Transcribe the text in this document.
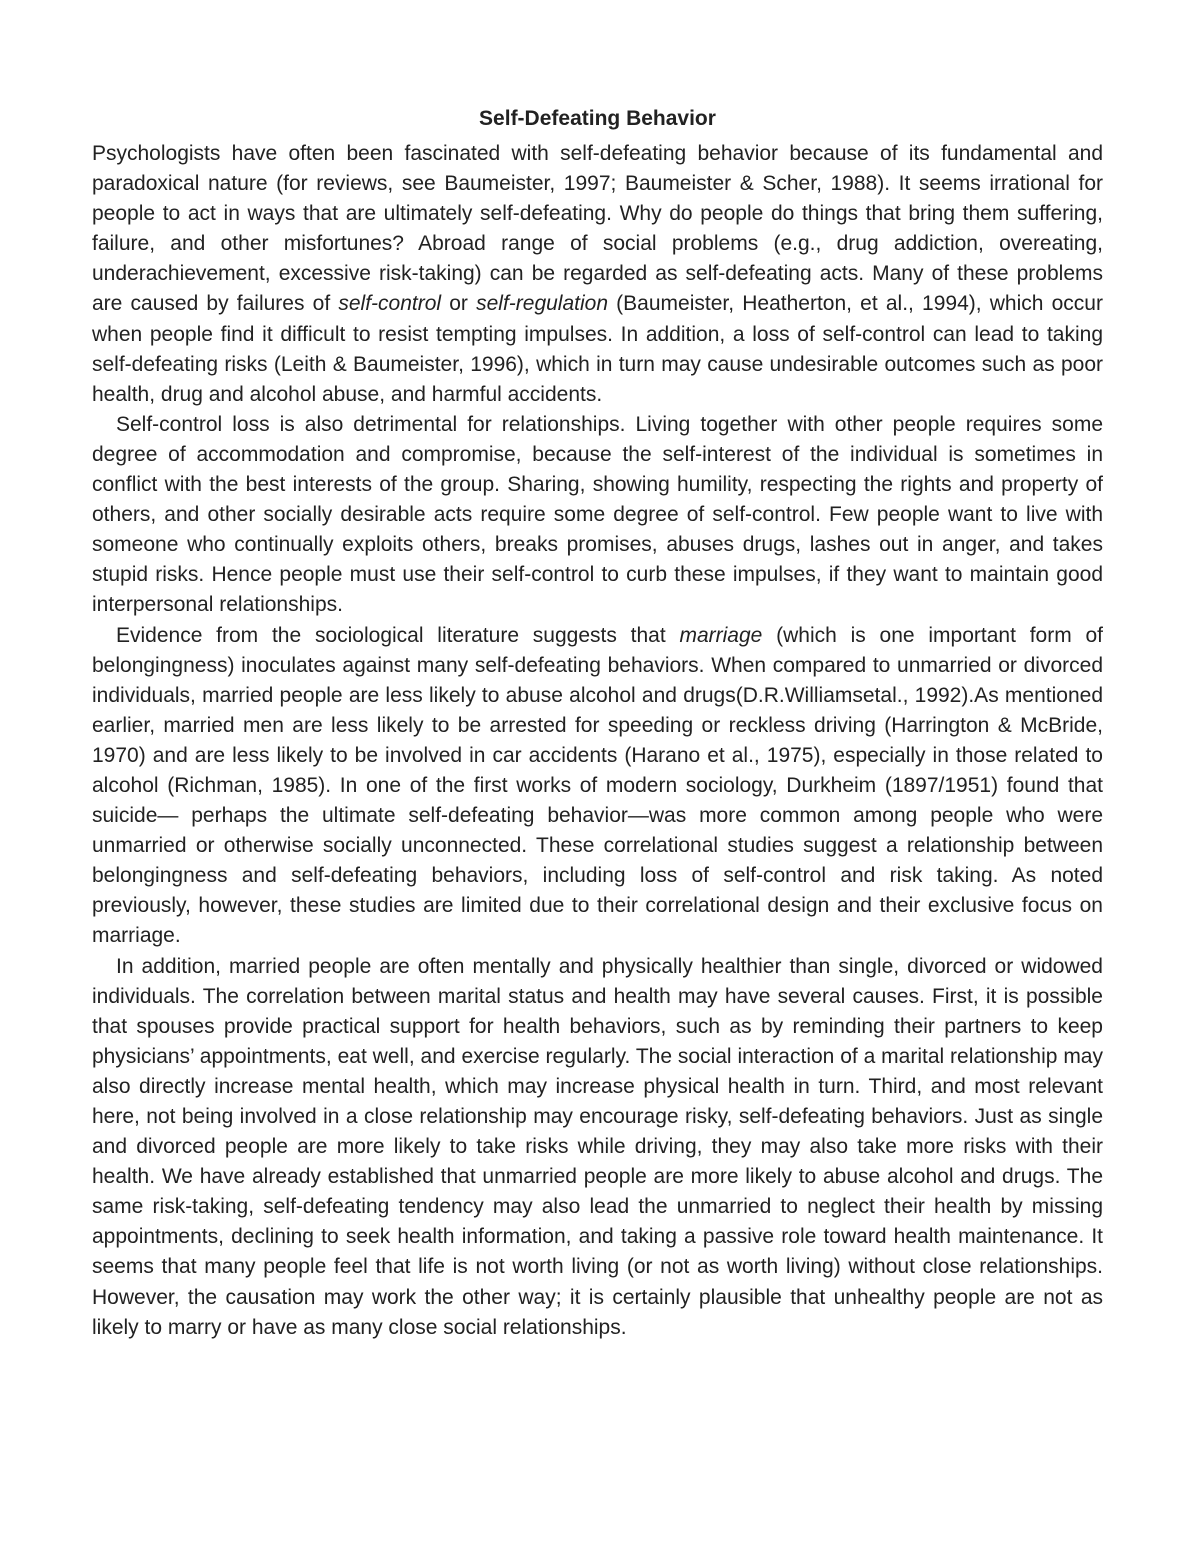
Self-Defeating Behavior

Psychologists have often been fascinated with self-defeating behavior because of its fundamental and paradoxical nature (for reviews, see Baumeister, 1997; Baumeister & Scher, 1988). It seems irrational for people to act in ways that are ultimately self-defeating. Why do people do things that bring them suffering, failure, and other misfortunes? Abroad range of social problems (e.g., drug addiction, overeating, underachievement, excessive risk-taking) can be regarded as self-defeating acts. Many of these problems are caused by failures of self-control or self-regulation (Baumeister, Heatherton, et al., 1994), which occur when people find it difficult to resist tempting impulses. In addition, a loss of self-control can lead to taking self-defeating risks (Leith & Baumeister, 1996), which in turn may cause undesirable outcomes such as poor health, drug and alcohol abuse, and harmful accidents.

Self-control loss is also detrimental for relationships. Living together with other people requires some degree of accommodation and compromise, because the self-interest of the individual is sometimes in conflict with the best interests of the group. Sharing, showing humility, respecting the rights and property of others, and other socially desirable acts require some degree of self-control. Few people want to live with someone who continually exploits others, breaks promises, abuses drugs, lashes out in anger, and takes stupid risks. Hence people must use their self-control to curb these impulses, if they want to maintain good interpersonal relationships.

Evidence from the sociological literature suggests that marriage (which is one important form of belongingness) inoculates against many self-defeating behaviors. When compared to unmarried or divorced individuals, married people are less likely to abuse alcohol and drugs(D.R.Williamsetal., 1992).As mentioned earlier, married men are less likely to be arrested for speeding or reckless driving (Harrington & McBride, 1970) and are less likely to be involved in car accidents (Harano et al., 1975), especially in those related to alcohol (Richman, 1985). In one of the first works of modern sociology, Durkheim (1897/1951) found that suicide— perhaps the ultimate self-defeating behavior—was more common among people who were unmarried or otherwise socially unconnected. These correlational studies suggest a relationship between belongingness and self-defeating behaviors, including loss of self-control and risk taking. As noted previously, however, these studies are limited due to their correlational design and their exclusive focus on marriage.

In addition, married people are often mentally and physically healthier than single, divorced or widowed individuals. The correlation between marital status and health may have several causes. First, it is possible that spouses provide practical support for health behaviors, such as by reminding their partners to keep physicians’ appointments, eat well, and exercise regularly. The social interaction of a marital relationship may also directly increase mental health, which may increase physical health in turn. Third, and most relevant here, not being involved in a close relationship may encourage risky, self-defeating behaviors. Just as single and divorced people are more likely to take risks while driving, they may also take more risks with their health. We have already established that unmarried people are more likely to abuse alcohol and drugs. The same risk-taking, self-defeating tendency may also lead the unmarried to neglect their health by missing appointments, declining to seek health information, and taking a passive role toward health maintenance. It seems that many people feel that life is not worth living (or not as worth living) without close relationships. However, the causation may work the other way; it is certainly plausible that unhealthy people are not as likely to marry or have as many close social relationships.
